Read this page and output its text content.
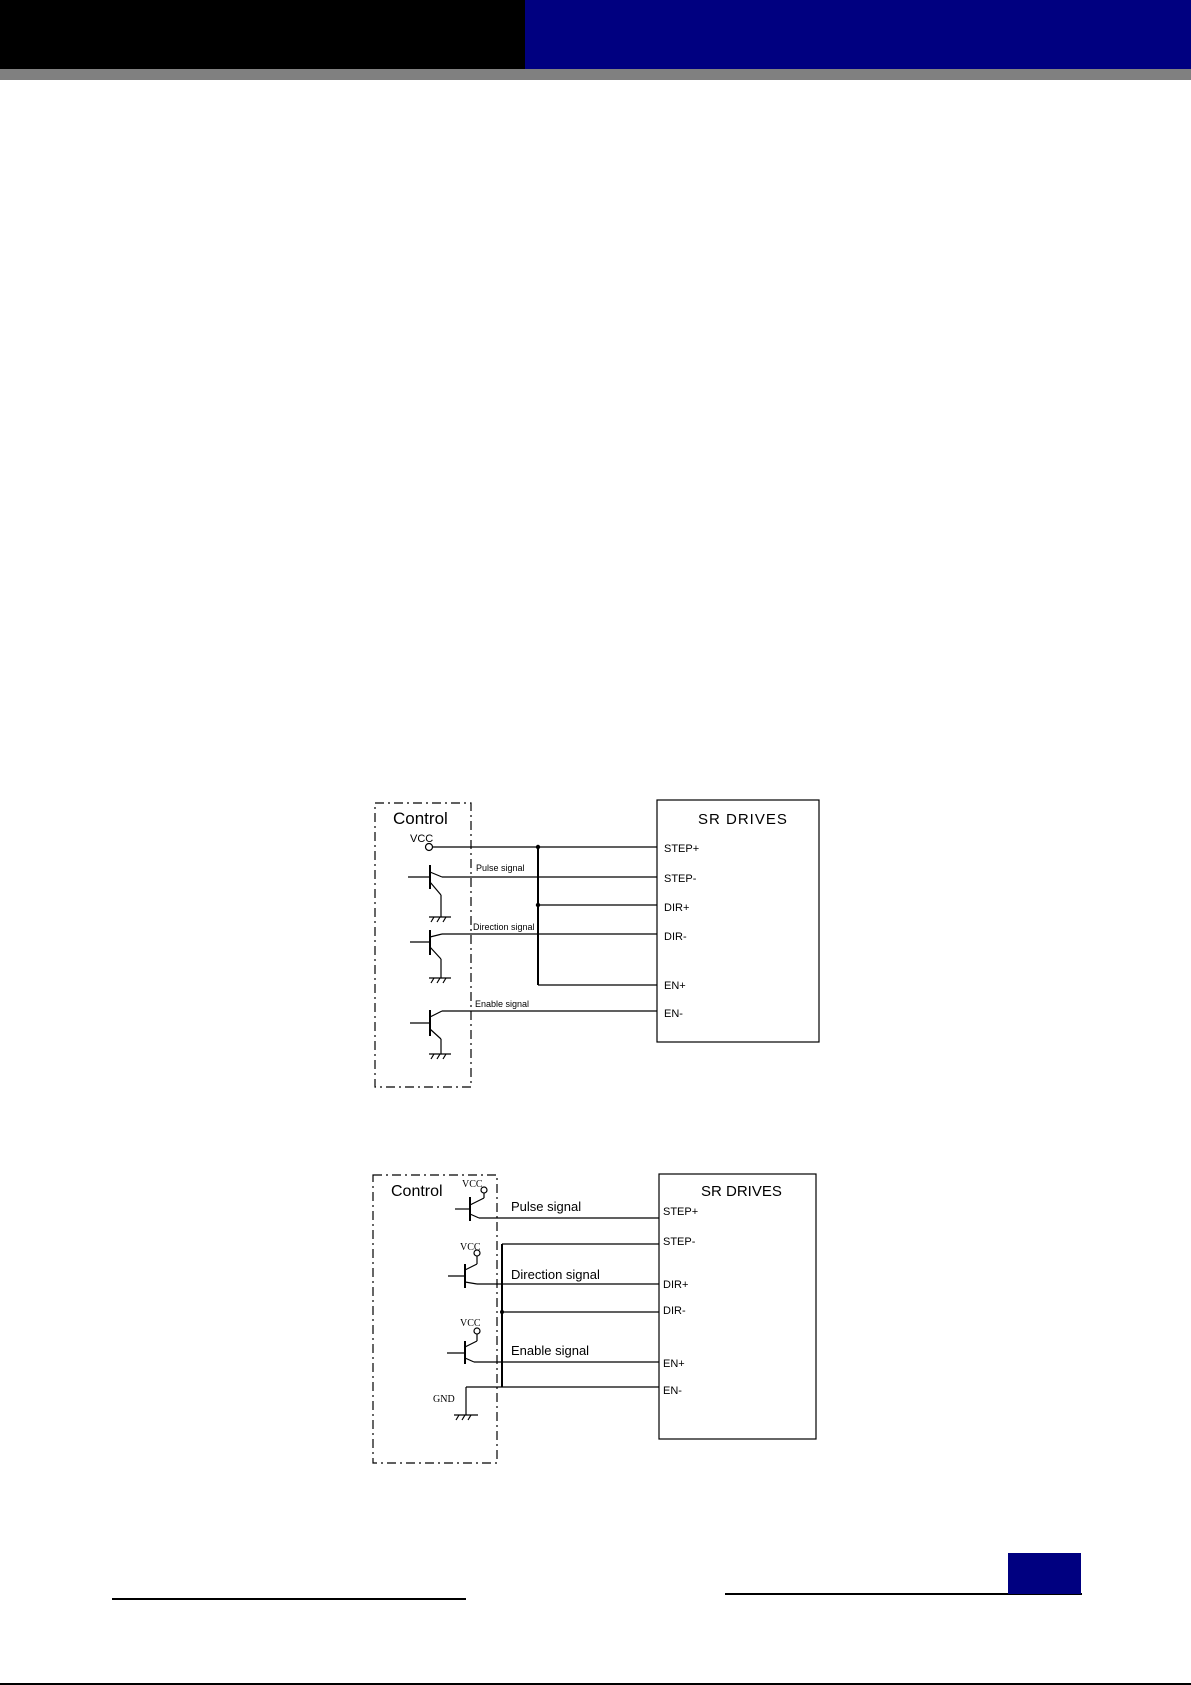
Control
VCC
SR DRIVES
STEP+
STEP-
DIR+
DIR-
EN+
EN-
Pulse signal
Direction signal
Enable signal
Control VCC
VCC
VCC
GND
SR DRIVES
STEP+
STEP-
DIR+
DIR-
EN+
EN-
Pulse signal
Direction signal
Enable signal
